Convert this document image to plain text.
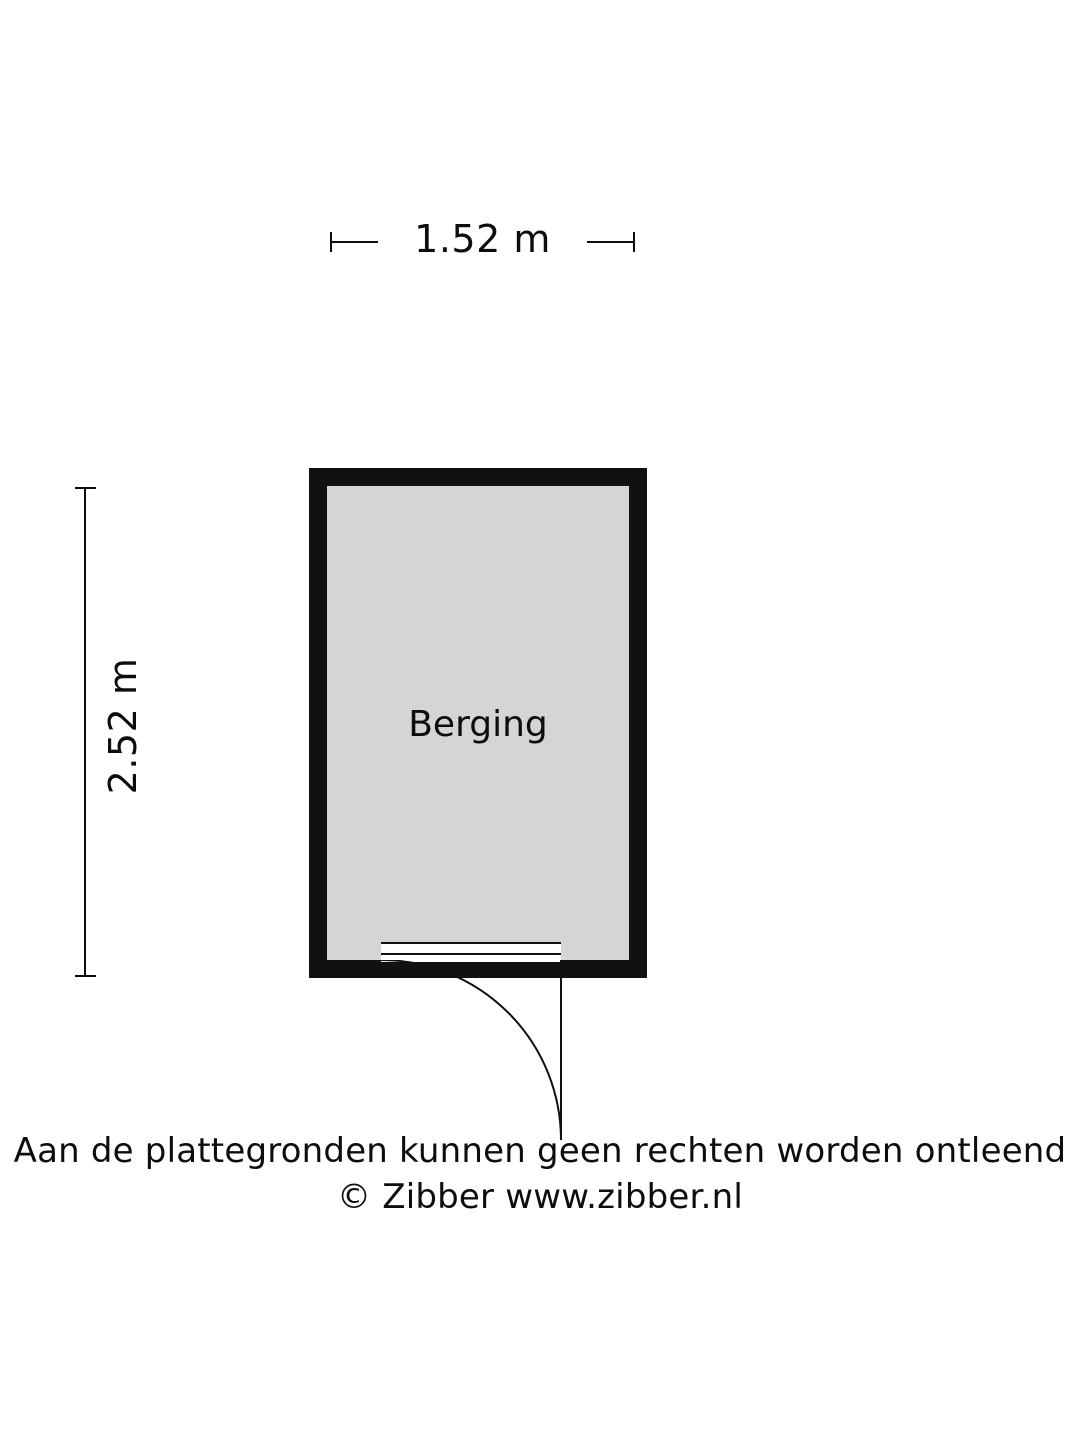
1.52 m
2.52 m	Berging
Aan de plattegronden kunnen geen rechten worden ontleend
© Zibber www.zibber.nl
